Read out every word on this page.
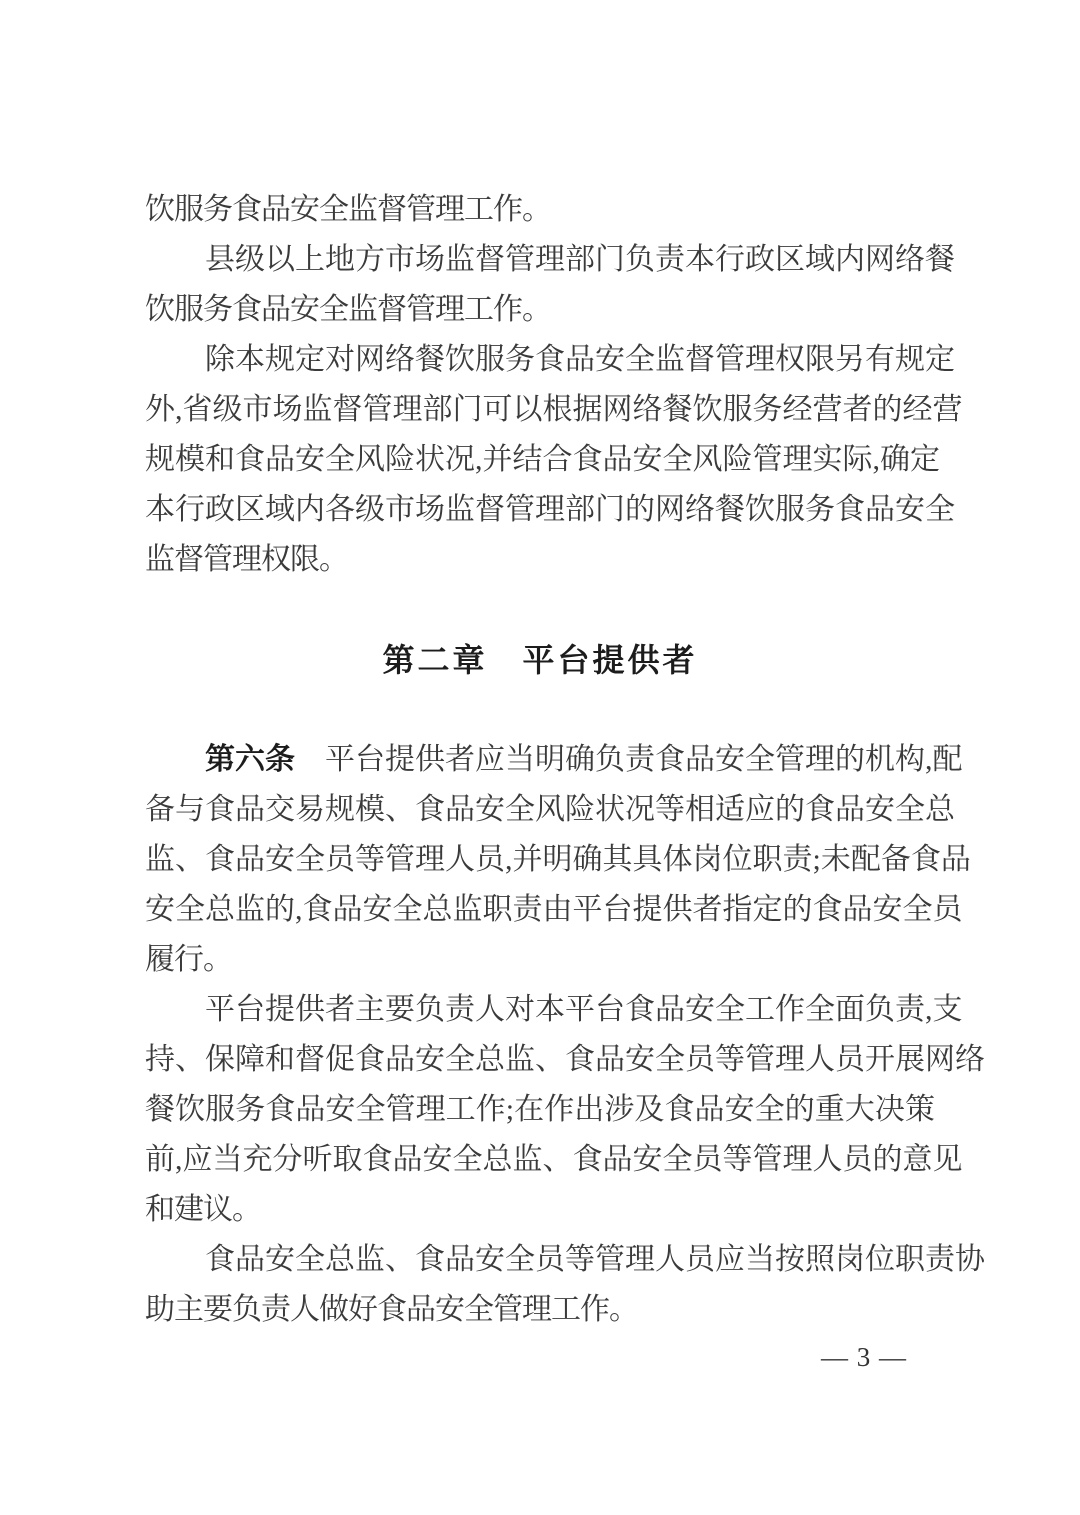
饮服务食品安全监督管理工作。
县 级 以 上 地 方 市 场 监 督 管 理 部 门 负 责 本 行 政 区 域 内 网 络 餐
饮服务食品安全监督管理工作。
除 本 规 定 对 网 络 餐 饮 服 务 食 品 安 全 监 督 管 理 权 限 另 有 规 定
外 , 省 级 市 场 监 督 管 理 部 门 可 以 根 据 网 络 餐 饮 服 务 经 营 者 的 经 营
规 模 和 食 品 安 全 风 险 状 况 , 并 结 合 食 品 安 全 风 险 管 理 实 际 , 确 定
本 行 政 区 域 内 各 级 市 场 监 督 管 理 部 门 的 网 络 餐 饮 服 务 食 品 安 全
监督管理权限。
第二章　平台提供者
第 六 条
　 平 台 提 供 者 应 当 明 确 负 责 食 品 安 全 管 理 的 机 构 , 配
备 与 食 品 交 易 规 模 、 食 品 安 全 风 险 状 况 等 相 适 应 的 食 品 安 全 总
监 、 食 品 安 全 员 等 管 理 人 员 , 并 明 确 其 具 体 岗 位 职 责 ; 未 配 备 食 品
安 全 总 监 的 , 食 品 安 全 总 监 职 责 由 平 台 提 供 者 指 定 的 食 品 安 全 员
履行。
平 台 提 供 者 主 要 负 责 人 对 本 平 台 食 品 安 全 工 作 全 面 负 责 , 支
持 、 保 障 和 督 促 食 品 安 全 总 监 、 食 品 安 全 员 等 管 理 人 员 开 展 网 络
餐 饮 服 务 食 品 安 全 管 理 工 作 ; 在 作 出 涉 及 食 品 安 全 的 重 大 决 策
前 , 应 当 充 分 听 取 食 品 安 全 总 监 、 食 品 安 全 员 等 管 理 人 员 的 意 见
和建议。
食 品 安 全 总 监 、 食 品 安 全 员 等 管 理 人 员 应 当 按 照 岗 位 职 责 协
助主要负责人做好食品安全管理工作。
— 3 —
